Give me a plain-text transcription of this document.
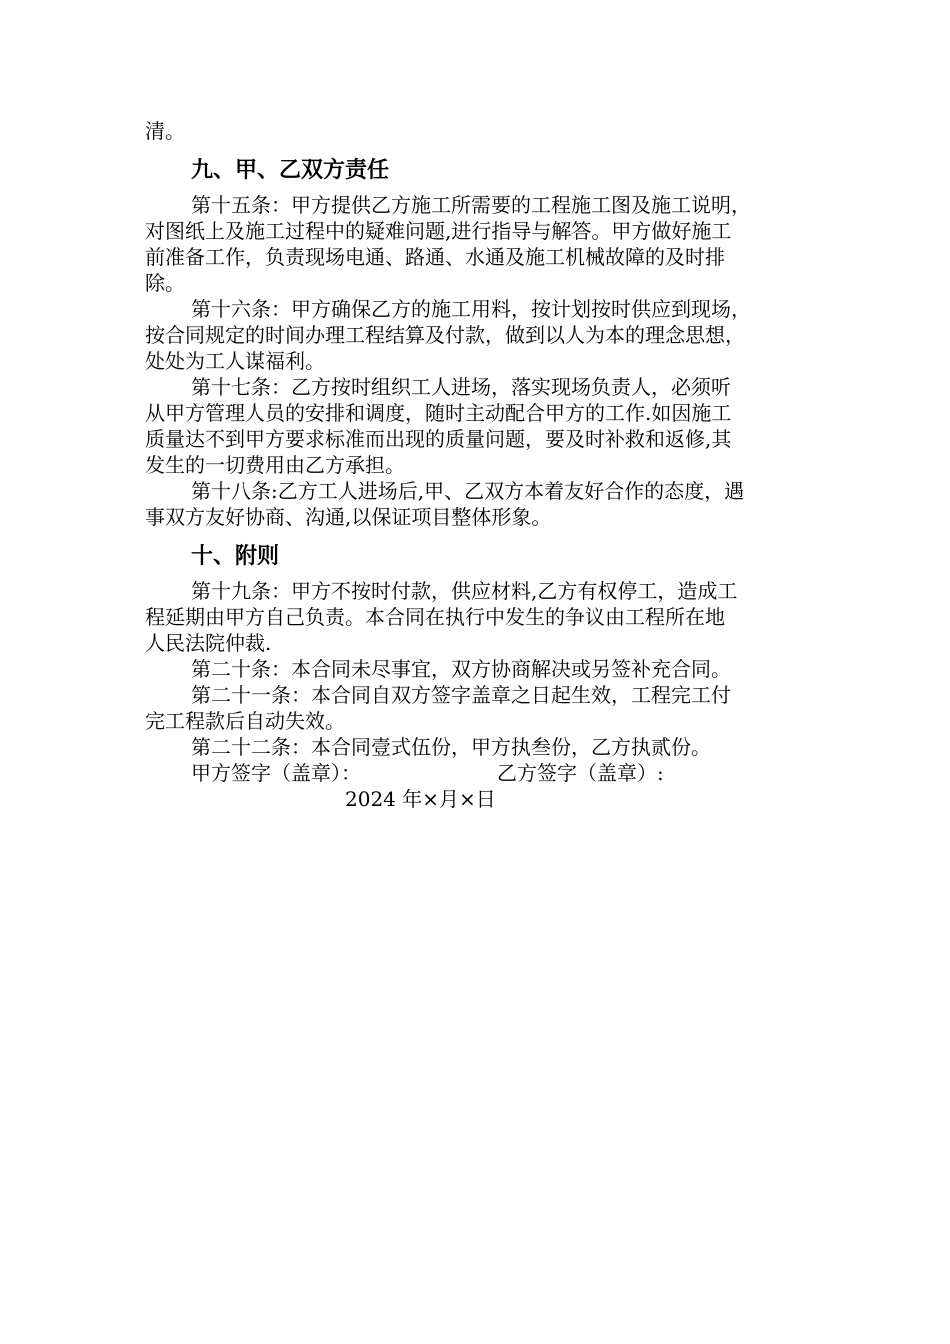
清。
九、甲、乙双方责任
第十五条：甲方提供乙方施工所需要的工程施工图及施工说明，
对图纸上及施工过程中的疑难问题,进行指导与解答。甲方做好施工
前准备工作，负责现场电通、路通、水通及施工机械故障的及时排
除。
第十六条：甲方确保乙方的施工用料，按计划按时供应到现场，
按合同规定的时间办理工程结算及付款，做到以人为本的理念思想，
处处为工人谋福利。
第十七条：乙方按时组织工人进场，落实现场负责人，必须听
从甲方管理人员的安排和调度，随时主动配合甲方的工作.如因施工
质量达不到甲方要求标准而出现的质量问题，要及时补救和返修,其
发生的一切费用由乙方承担。
第十八条:乙方工人进场后,甲、乙双方本着友好合作的态度，遇
事双方友好协商、沟通,以保证项目整体形象。
十、附则
第十九条：甲方不按时付款，供应材料,乙方有权停工，造成工
程延期由甲方自己负责。本合同在执行中发生的争议由工程所在地
人民法院仲裁.
第二十条：本合同未尽事宜，双方协商解决或另签补充合同。
第二十一条：本合同自双方签字盖章之日起生效，工程完工付
完工程款后自动失效。
第二十二条：本合同壹式伍份，甲方执叁份，乙方执贰份。
甲方签字（盖章）：	乙方签字（盖章）:
2024 年×月×日
